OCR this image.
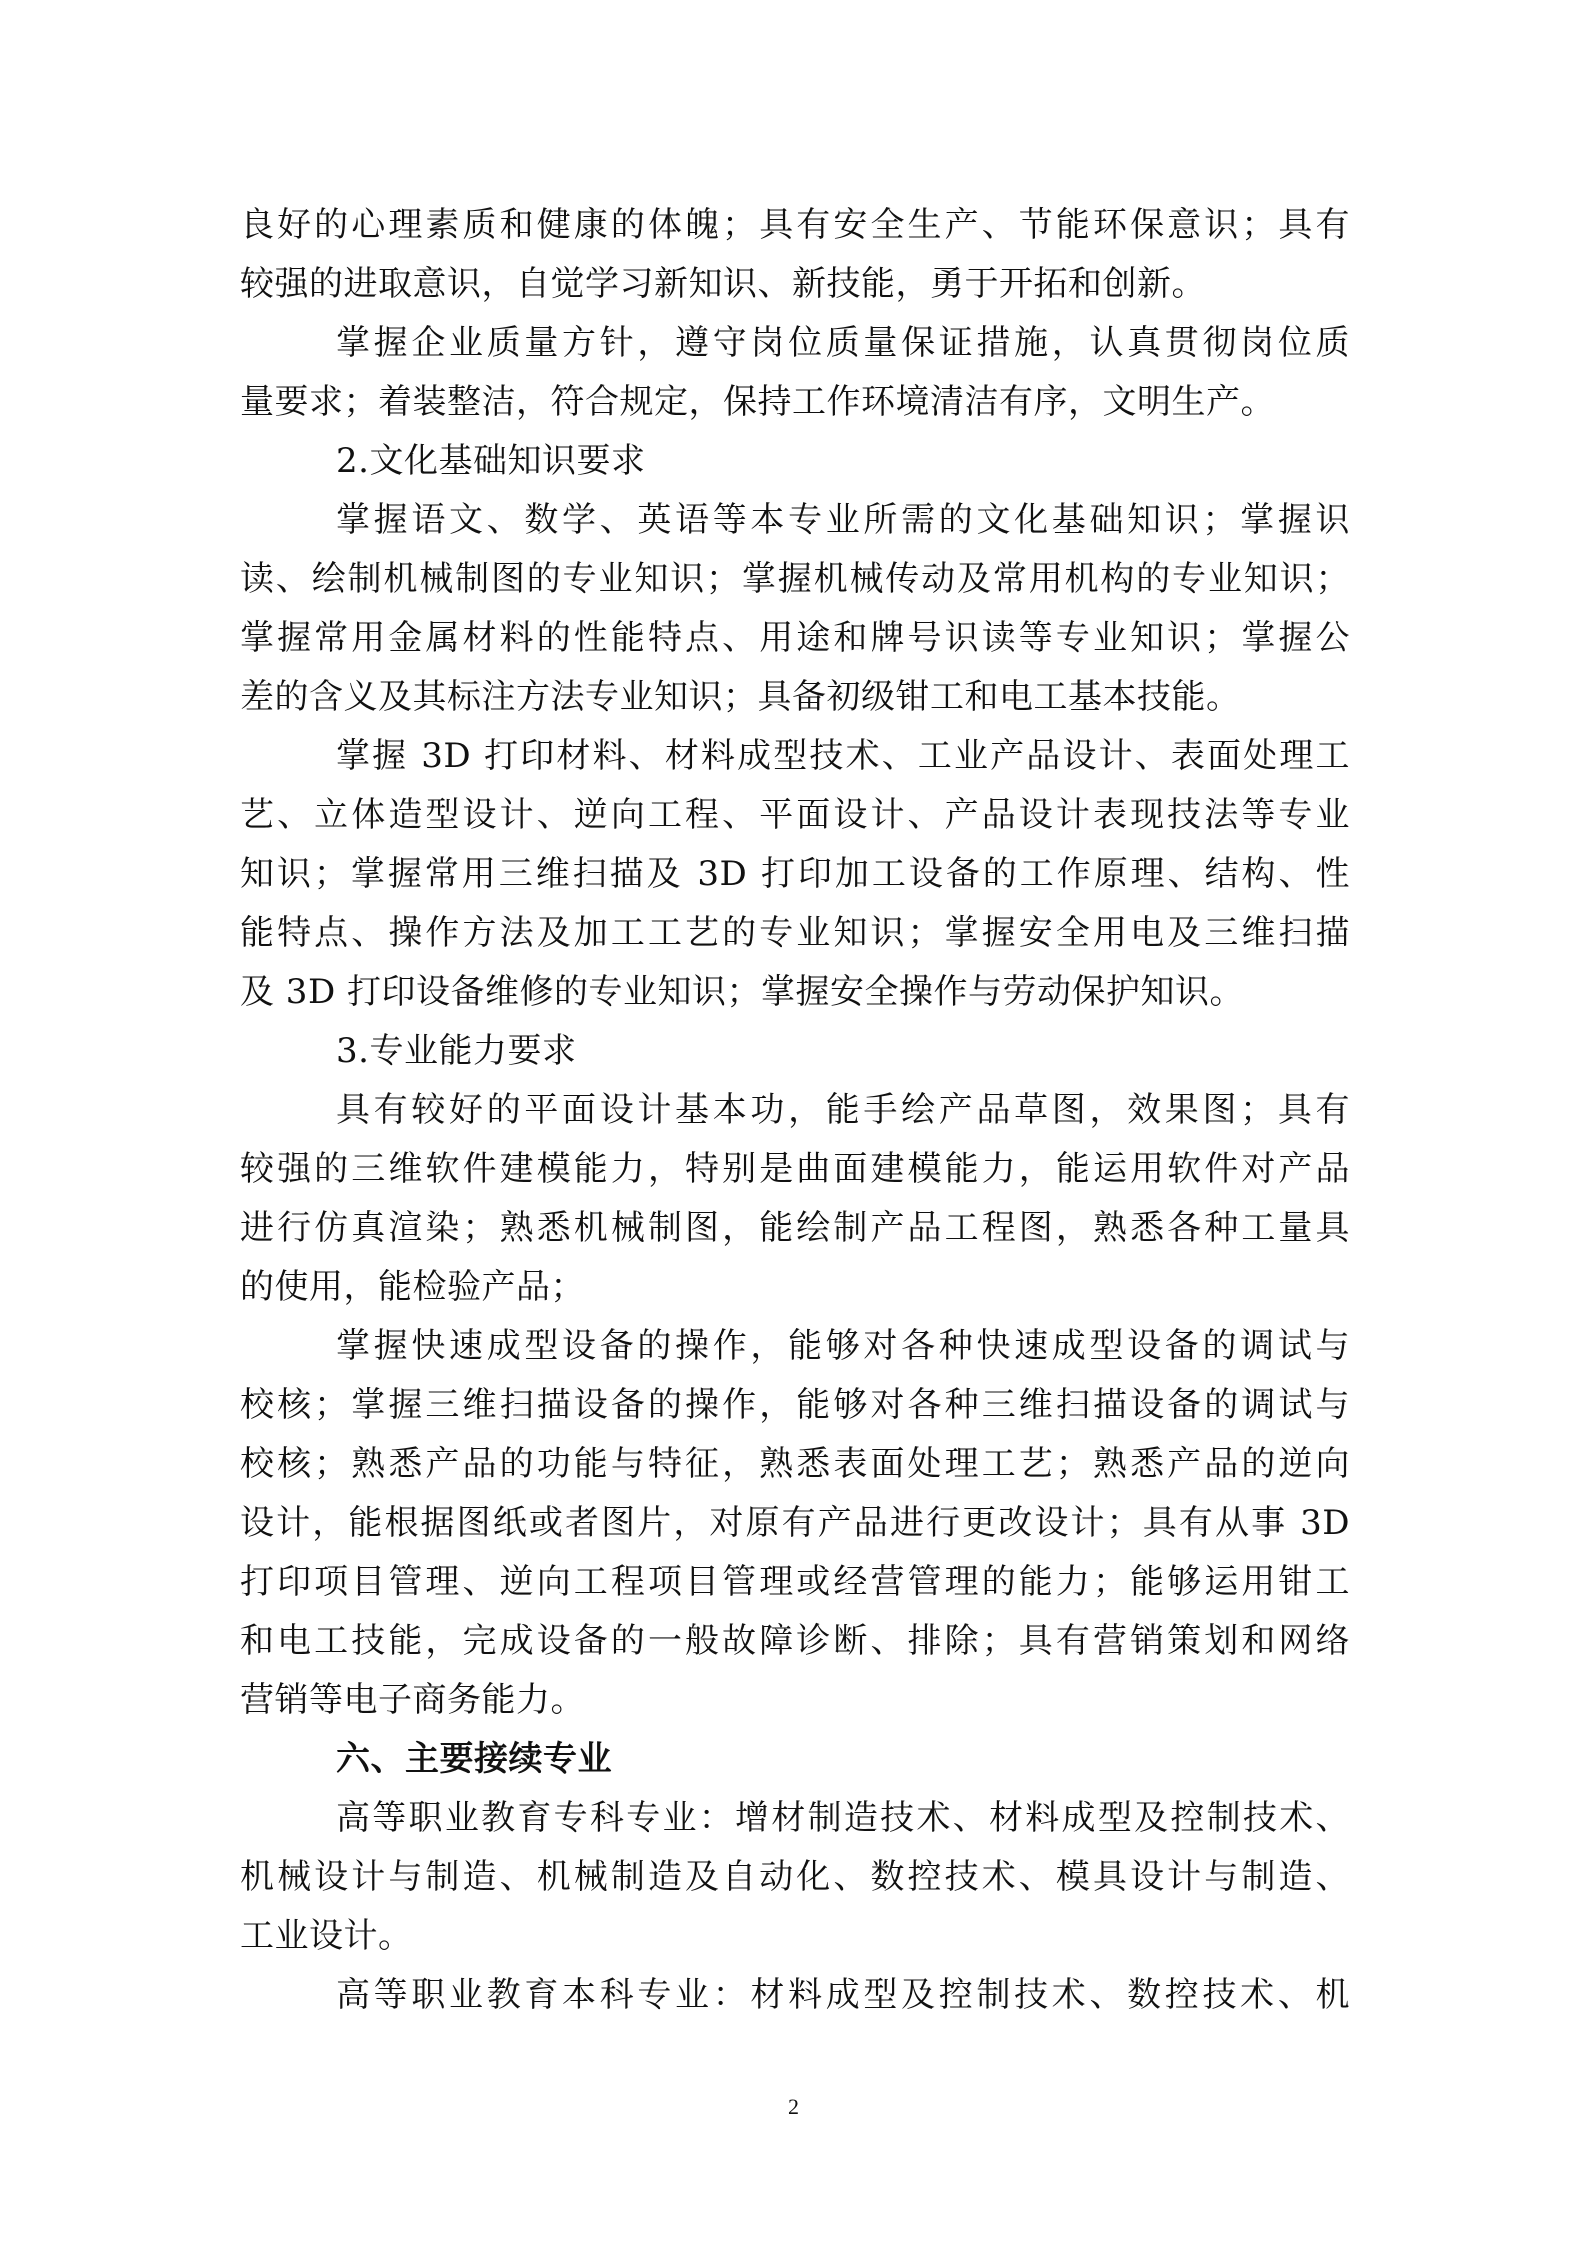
良好的心理素质和健康的体魄；具有安全生产、节能环保意识；具有
较强的进取意识，自觉学习新知识、新技能，勇于开拓和创新。
掌握企业质量方针，遵守岗位质量保证措施，认真贯彻岗位质
量要求；着装整洁，符合规定，保持工作环境清洁有序，文明生产。
2.文化基础知识要求
掌握语文、数学、英语等本专业所需的文化基础知识；掌握识
读、绘制机械制图的专业知识；掌握机械传动及常用机构的专业知识；
掌握常用金属材料的性能特点、用途和牌号识读等专业知识；掌握公
差的含义及其标注方法专业知识；具备初级钳工和电工基本技能。
掌握 3D 打印材料、材料成型技术、工业产品设计、表面处理工
艺、立体造型设计、逆向工程、平面设计、产品设计表现技法等专业
知识；掌握常用三维扫描及 3D 打印加工设备的工作原理、结构、性
能特点、操作方法及加工工艺的专业知识；掌握安全用电及三维扫描
及 3D 打印设备维修的专业知识；掌握安全操作与劳动保护知识。
3.专业能力要求
具有较好的平面设计基本功，能手绘产品草图，效果图；具有
较强的三维软件建模能力，特别是曲面建模能力，能运用软件对产品
进行仿真渲染；熟悉机械制图，能绘制产品工程图，熟悉各种工量具
的使用，能检验产品；
掌握快速成型设备的操作，能够对各种快速成型设备的调试与
校核；掌握三维扫描设备的操作，能够对各种三维扫描设备的调试与
校核；熟悉产品的功能与特征，熟悉表面处理工艺；熟悉产品的逆向
设计，能根据图纸或者图片，对原有产品进行更改设计；具有从事 3D
打印项目管理、逆向工程项目管理或经营管理的能力；能够运用钳工
和电工技能，完成设备的一般故障诊断、排除；具有营销策划和网络
营销等电子商务能力。
六、主要接续专业
高等职业教育专科专业：增材制造技术、材料成型及控制技术、
机械设计与制造、机械制造及自动化、数控技术、模具设计与制造、
工业设计。
高等职业教育本科专业：材料成型及控制技术、数控技术、机
2
